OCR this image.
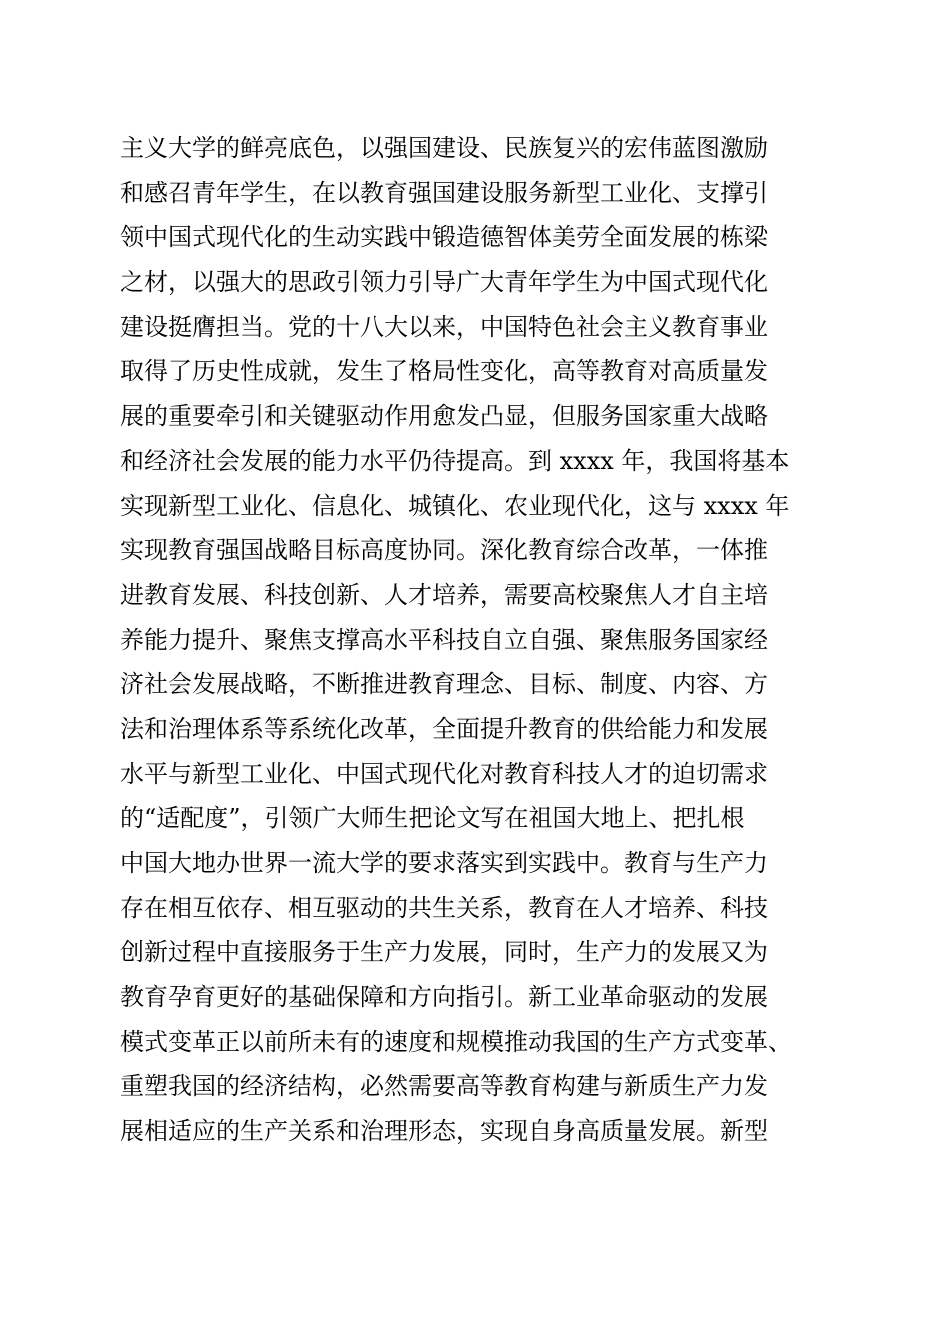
主义大学的鲜亮底色，以强国建设、民族复兴的宏伟蓝图激励
和感召青年学生，在以教育强国建设服务新型工业化、支撑引
领中国式现代化的生动实践中锻造德智体美劳全面发展的栋梁
之材，以强大的思政引领力引导广大青年学生为中国式现代化
建设挺膺担当。党的十八大以来，中国特色社会主义教育事业
取得了历史性成就，发生了格局性变化，高等教育对高质量发
展的重要牵引和关键驱动作用愈发凸显，但服务国家重大战略
和经济社会发展的能力水平仍待提高。到 xxxx 年，我国将基本
实现新型工业化、信息化、城镇化、农业现代化，这与 xxxx 年
实现教育强国战略目标高度协同。深化教育综合改革，一体推
进教育发展、科技创新、人才培养，需要高校聚焦人才自主培
养能力提升、聚焦支撑高水平科技自立自强、聚焦服务国家经
济社会发展战略，不断推进教育理念、目标、制度、内容、方
法和治理体系等系统化改革，全面提升教育的供给能力和发展
水平与新型工业化、中国式现代化对教育科技人才的迫切需求
的“适配度”，引领广大师生把论文写在祖国大地上、把扎根
中国大地办世界一流大学的要求落实到实践中。教育与生产力
存在相互依存、相互驱动的共生关系，教育在人才培养、科技
创新过程中直接服务于生产力发展，同时，生产力的发展又为
教育孕育更好的基础保障和方向指引。新工业革命驱动的发展
模式变革正以前所未有的速度和规模推动我国的生产方式变革、
重塑我国的经济结构，必然需要高等教育构建与新质生产力发
展相适应的生产关系和治理形态，实现自身高质量发展。新型
